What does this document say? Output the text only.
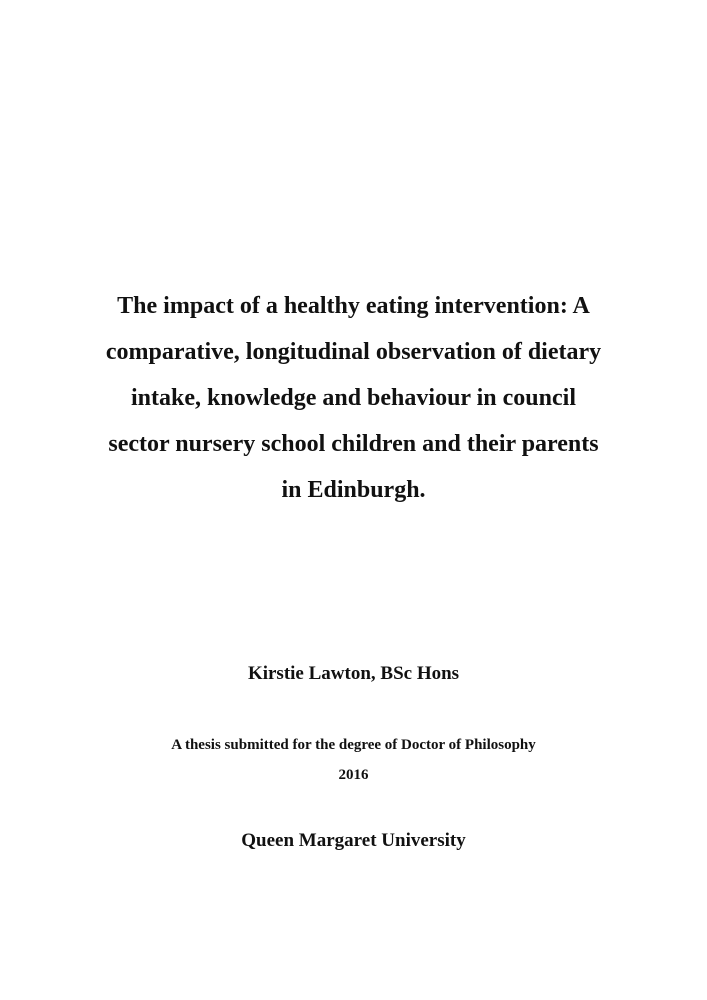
The impact of a healthy eating intervention: A
comparative, longitudinal observation of dietary
intake, knowledge and behaviour in council
sector nursery school children and their parents
in Edinburgh.
Kirstie Lawton, BSc Hons
A thesis submitted for the degree of Doctor of Philosophy
2016
Queen Margaret University
